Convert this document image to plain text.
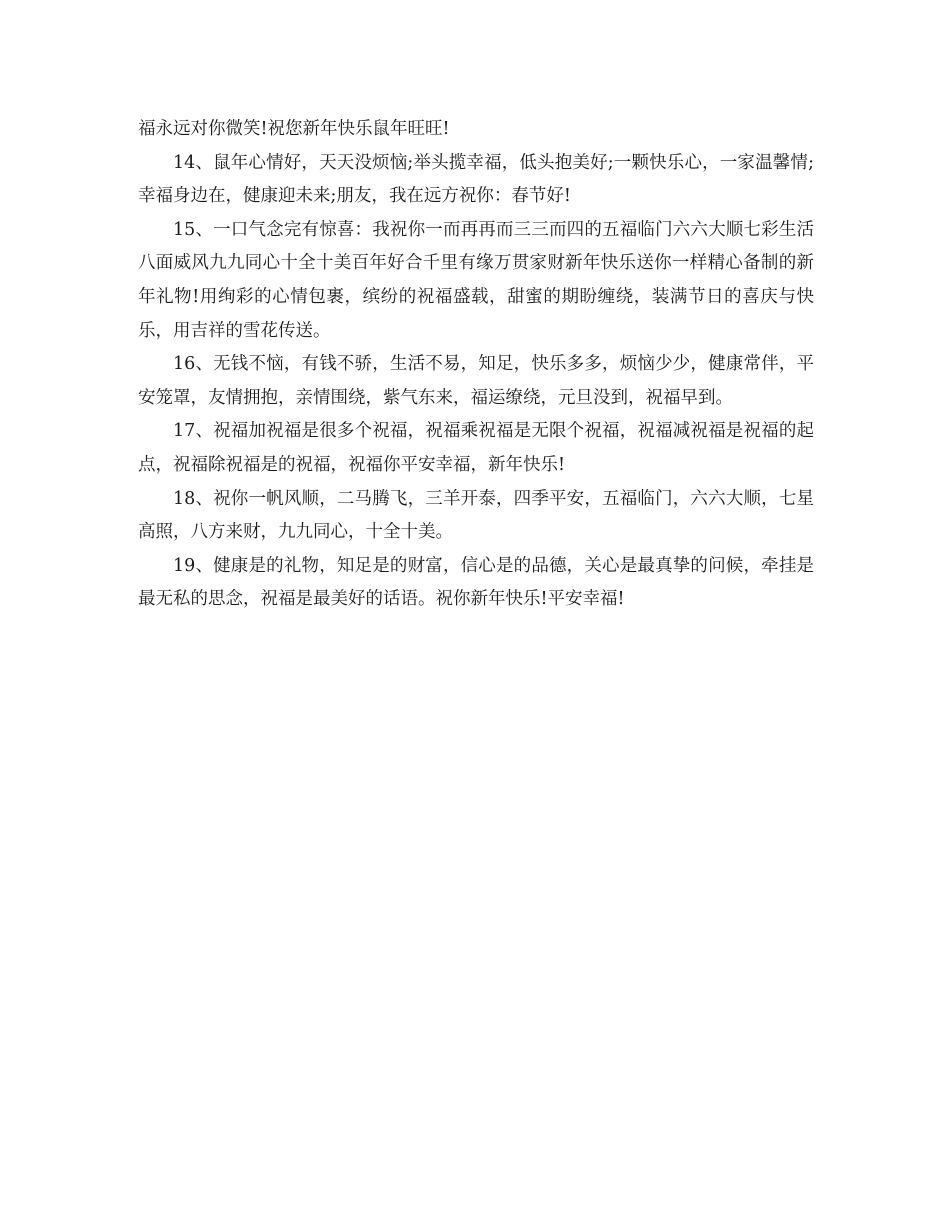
福永远对你微笑!祝您新年快乐鼠年旺旺!

14、鼠年心情好，天天没烦恼;举头揽幸福，低头抱美好;一颗快乐心，一家温馨情;幸福身边在，健康迎未来;朋友，我在远方祝你：春节好!

15、一口气念完有惊喜：我祝你一而再再而三三而四的五福临门六六大顺七彩生活八面威风九九同心十全十美百年好合千里有缘万贯家财新年快乐送你一样精心备制的新年礼物!用绚彩的心情包裹，缤纷的祝福盛载，甜蜜的期盼缠绕，装满节日的喜庆与快乐，用吉祥的雪花传送。

16、无钱不恼，有钱不骄，生活不易，知足，快乐多多，烦恼少少，健康常伴，平安笼罩，友情拥抱，亲情围绕，紫气东来，福运缭绕，元旦没到，祝福早到。

17、祝福加祝福是很多个祝福，祝福乘祝福是无限个祝福，祝福减祝福是祝福的起点，祝福除祝福是的祝福，祝福你平安幸福，新年快乐!

18、祝你一帆风顺，二马腾飞，三羊开泰，四季平安，五福临门，六六大顺，七星高照，八方来财，九九同心，十全十美。

19、健康是的礼物，知足是的财富，信心是的品德，关心是最真挚的问候，牵挂是最无私的思念，祝福是最美好的话语。祝你新年快乐!平安幸福!
